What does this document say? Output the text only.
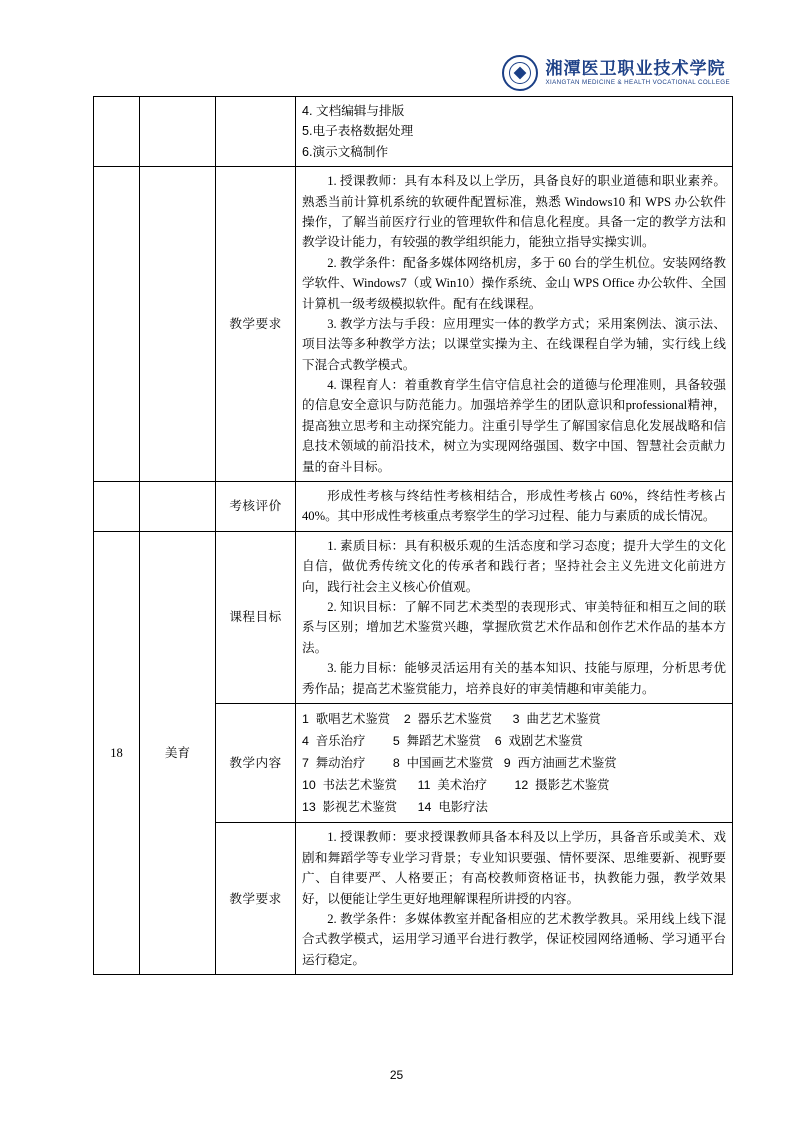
湘潭医卫职业技术学院
XIANGTAN MEDICINE & HEALTH VOCATIONAL COLLEGE

			4. 文档编辑与排版

5.电子表格数据处理

6.演示文稿制作

		教学要求	1. 授课教师：具有本科及以上学历，具备良好的职业道德和职业素养。熟悉当前计算机系统的软硬件配置标准，熟悉 Windows10 和 WPS 办公软件操作，了解当前医疗行业的管理软件和信息化程度。具备一定的教学方法和教学设计能力，有较强的教学组织能力，能独立指导实操实训。

2. 教学条件：配备多媒体网络机房，多于 60 台的学生机位。安装网络教学软件、Windows7（或 Win10）操作系统、金山 WPS Office 办公软件、全国计算机一级考级模拟软件。配有在线课程。

3. 教学方法与手段：应用理实一体的教学方式；采用案例法、演示法、项目法等多种教学方法；以课堂实操为主、在线课程自学为辅，实行线上线下混合式教学模式。

4. 课程育人：着重教育学生信守信息社会的道德与伦理准则，具备较强的信息安全意识与防范能力。加强培养学生的团队意识和professional精神，提高独立思考和主动探究能力。注重引导学生了解国家信息化发展战略和信息技术领域的前沿技术，树立为实现网络强国、数字中国、智慧社会贡献力量的奋斗目标。

		考核评价	形成性考核与终结性考核相结合，形成性考核占 60%，终结性考核占 40%。其中形成性考核重点考察学生的学习过程、能力与素质的成长情况。

18	美育	课程目标	1. 素质目标：具有积极乐观的生活态度和学习态度；提升大学生的文化自信，做优秀传统文化的传承者和践行者；坚持社会主义先进文化前进方向，践行社会主义核心价值观。

2. 知识目标：了解不同艺术类型的表现形式、审美特征和相互之间的联系与区别；增加艺术鉴赏兴趣，掌握欣赏艺术作品和创作艺术作品的基本方法。

3. 能力目标：能够灵活运用有关的基本知识、技能与原理，分析思考优秀作品；提高艺术鉴赏能力，培养良好的审美情趣和审美能力。

		教学内容	1  歌唱艺术鉴赏    2  器乐艺术鉴赏      3  曲艺艺术鉴赏

4  音乐治疗        5  舞蹈艺术鉴赏    6  戏剧艺术鉴赏

7  舞动治疗        8  中国画艺术鉴赏   9  西方油画艺术鉴赏

10  书法艺术鉴赏      11  美术治疗        12  摄影艺术鉴赏

13  影视艺术鉴赏      14  电影疗法

		教学要求	1. 授课教师：要求授课教师具备本科及以上学历，具备音乐或美术、戏剧和舞蹈学等专业学习背景；专业知识要强、情怀要深、思维要新、视野要广、自律要严、人格要正；有高校教师资格证书，执教能力强，教学效果好，以便能让学生更好地理解课程所讲授的内容。

2. 教学条件：多媒体教室并配备相应的艺术教学教具。采用线上线下混合式教学模式，运用学习通平台进行教学，保证校园网络通畅、学习通平台运行稳定。

25
